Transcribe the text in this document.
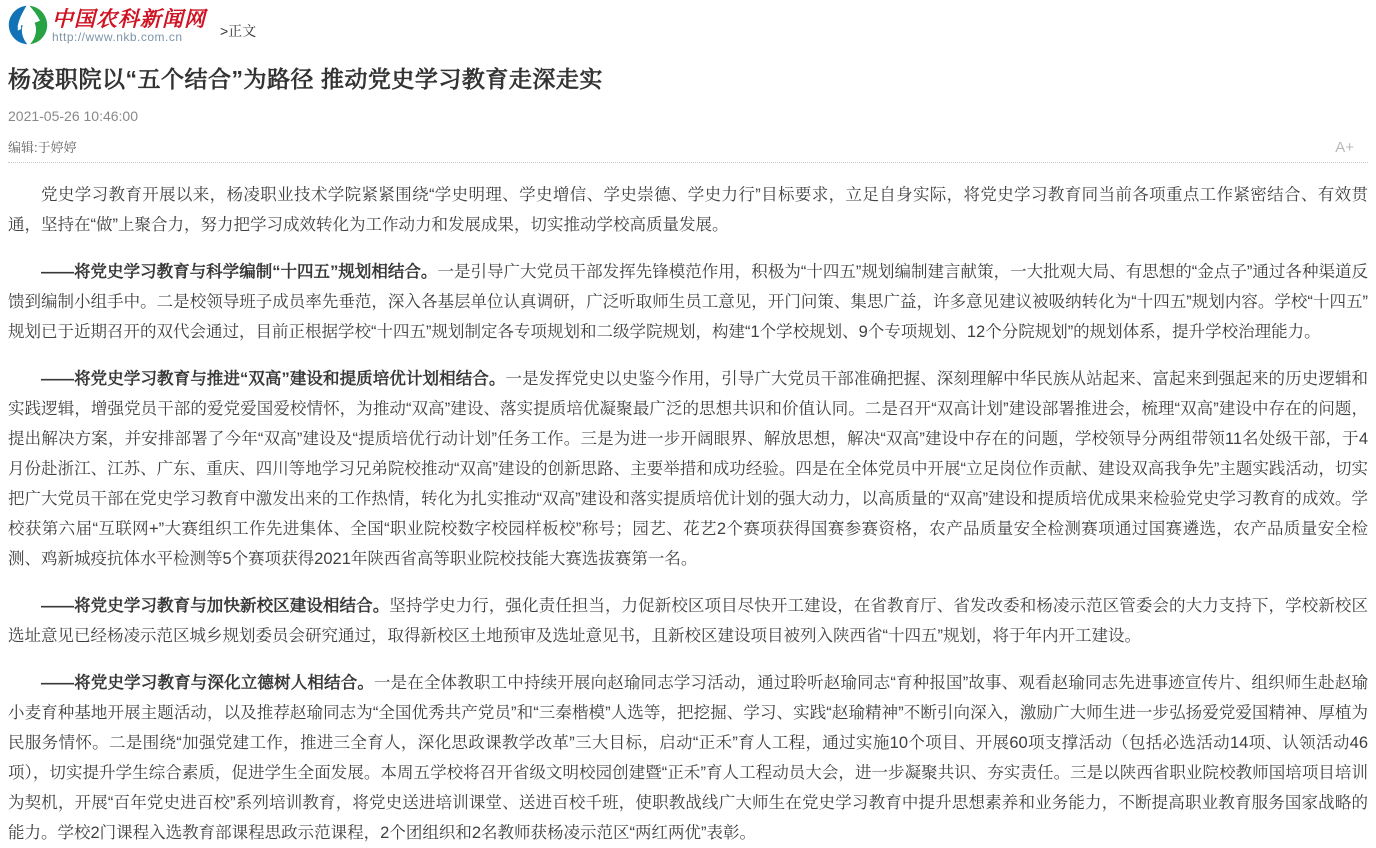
中国农科新闻网
http://www.nkb.com.cn	>正文
杨凌职院以“五个结合”为路径 推动党史学习教育走深走实
2021-05-26 10:46:00
编辑:于婷婷	A+

党史学习教育开展以来，杨凌职业技术学院紧紧围绕“学史明理、学史增信、学史崇德、学史力行”目标要求，立足自身实际，将党史学习教育同当前各项重点工作紧密结合、有效贯通，坚持在“做”上聚合力，努力把学习成效转化为工作动力和发展成果，切实推动学校高质量发展。

——将党史学习教育与科学编制“十四五”规划相结合。一是引导广大党员干部发挥先锋模范作用，积极为“十四五”规划编制建言献策，一大批观大局、有思想的“金点子”通过各种渠道反馈到编制小组手中。二是校领导班子成员率先垂范，深入各基层单位认真调研，广泛听取师生员工意见，开门问策、集思广益，许多意见建议被吸纳转化为“十四五”规划内容。学校“十四五”规划已于近期召开的双代会通过，目前正根据学校“十四五”规划制定各专项规划和二级学院规划，构建“1个学校规划、9个专项规划、12个分院规划”的规划体系，提升学校治理能力。

——将党史学习教育与推进“双高”建设和提质培优计划相结合。一是发挥党史以史鉴今作用，引导广大党员干部准确把握、深刻理解中华民族从站起来、富起来到强起来的历史逻辑和实践逻辑，增强党员干部的爱党爱国爱校情怀，为推动“双高”建设、落实提质培优凝聚最广泛的思想共识和价值认同。二是召开“双高计划”建设部署推进会，梳理“双高”建设中存在的问题，提出解决方案，并安排部署了今年“双高”建设及“提质培优行动计划”任务工作。三是为进一步开阔眼界、解放思想，解决“双高”建设中存在的问题，学校领导分两组带领11名处级干部，于4月份赴浙江、江苏、广东、重庆、四川等地学习兄弟院校推动“双高”建设的创新思路、主要举措和成功经验。四是在全体党员中开展“立足岗位作贡献、建设双高我争先”主题实践活动，切实把广大党员干部在党史学习教育中激发出来的工作热情，转化为扎实推动“双高”建设和落实提质培优计划的强大动力，以高质量的“双高”建设和提质培优成果来检验党史学习教育的成效。学校获第六届“互联网+”大赛组织工作先进集体、全国“职业院校数字校园样板校”称号；园艺、花艺2个赛项获得国赛参赛资格，农产品质量安全检测赛项通过国赛遴选，农产品质量安全检测、鸡新城疫抗体水平检测等5个赛项获得2021年陕西省高等职业院校技能大赛选拔赛第一名。

——将党史学习教育与加快新校区建设相结合。坚持学史力行，强化责任担当，力促新校区项目尽快开工建设，在省教育厅、省发改委和杨凌示范区管委会的大力支持下，学校新校区选址意见已经杨凌示范区城乡规划委员会研究通过，取得新校区土地预审及选址意见书，且新校区建设项目被列入陕西省“十四五”规划，将于年内开工建设。

——将党史学习教育与深化立德树人相结合。一是在全体教职工中持续开展向赵瑜同志学习活动，通过聆听赵瑜同志“育种报国”故事、观看赵瑜同志先进事迹宣传片、组织师生赴赵瑜小麦育种基地开展主题活动，以及推荐赵瑜同志为“全国优秀共产党员”和“三秦楷模”人选等，把挖掘、学习、实践“赵瑜精神”不断引向深入，激励广大师生进一步弘扬爱党爱国精神、厚植为民服务情怀。二是围绕“加强党建工作，推进三全育人，深化思政课教学改革”三大目标，启动“正禾”育人工程，通过实施10个项目、开展60项支撑活动（包括必选活动14项、认领活动46项），切实提升学生综合素质，促进学生全面发展。本周五学校将召开省级文明校园创建暨“正禾”育人工程动员大会，进一步凝聚共识、夯实责任。三是以陕西省职业院校教师国培项目培训为契机，开展“百年党史进百校”系列培训教育，将党史送进培训课堂、送进百校千班，使职教战线广大师生在党史学习教育中提升思想素养和业务能力，不断提高职业教育服务国家战略的能力。学校2门课程入选教育部课程思政示范课程，2个团组织和2名教师获杨凌示范区“两红两优”表彰。
